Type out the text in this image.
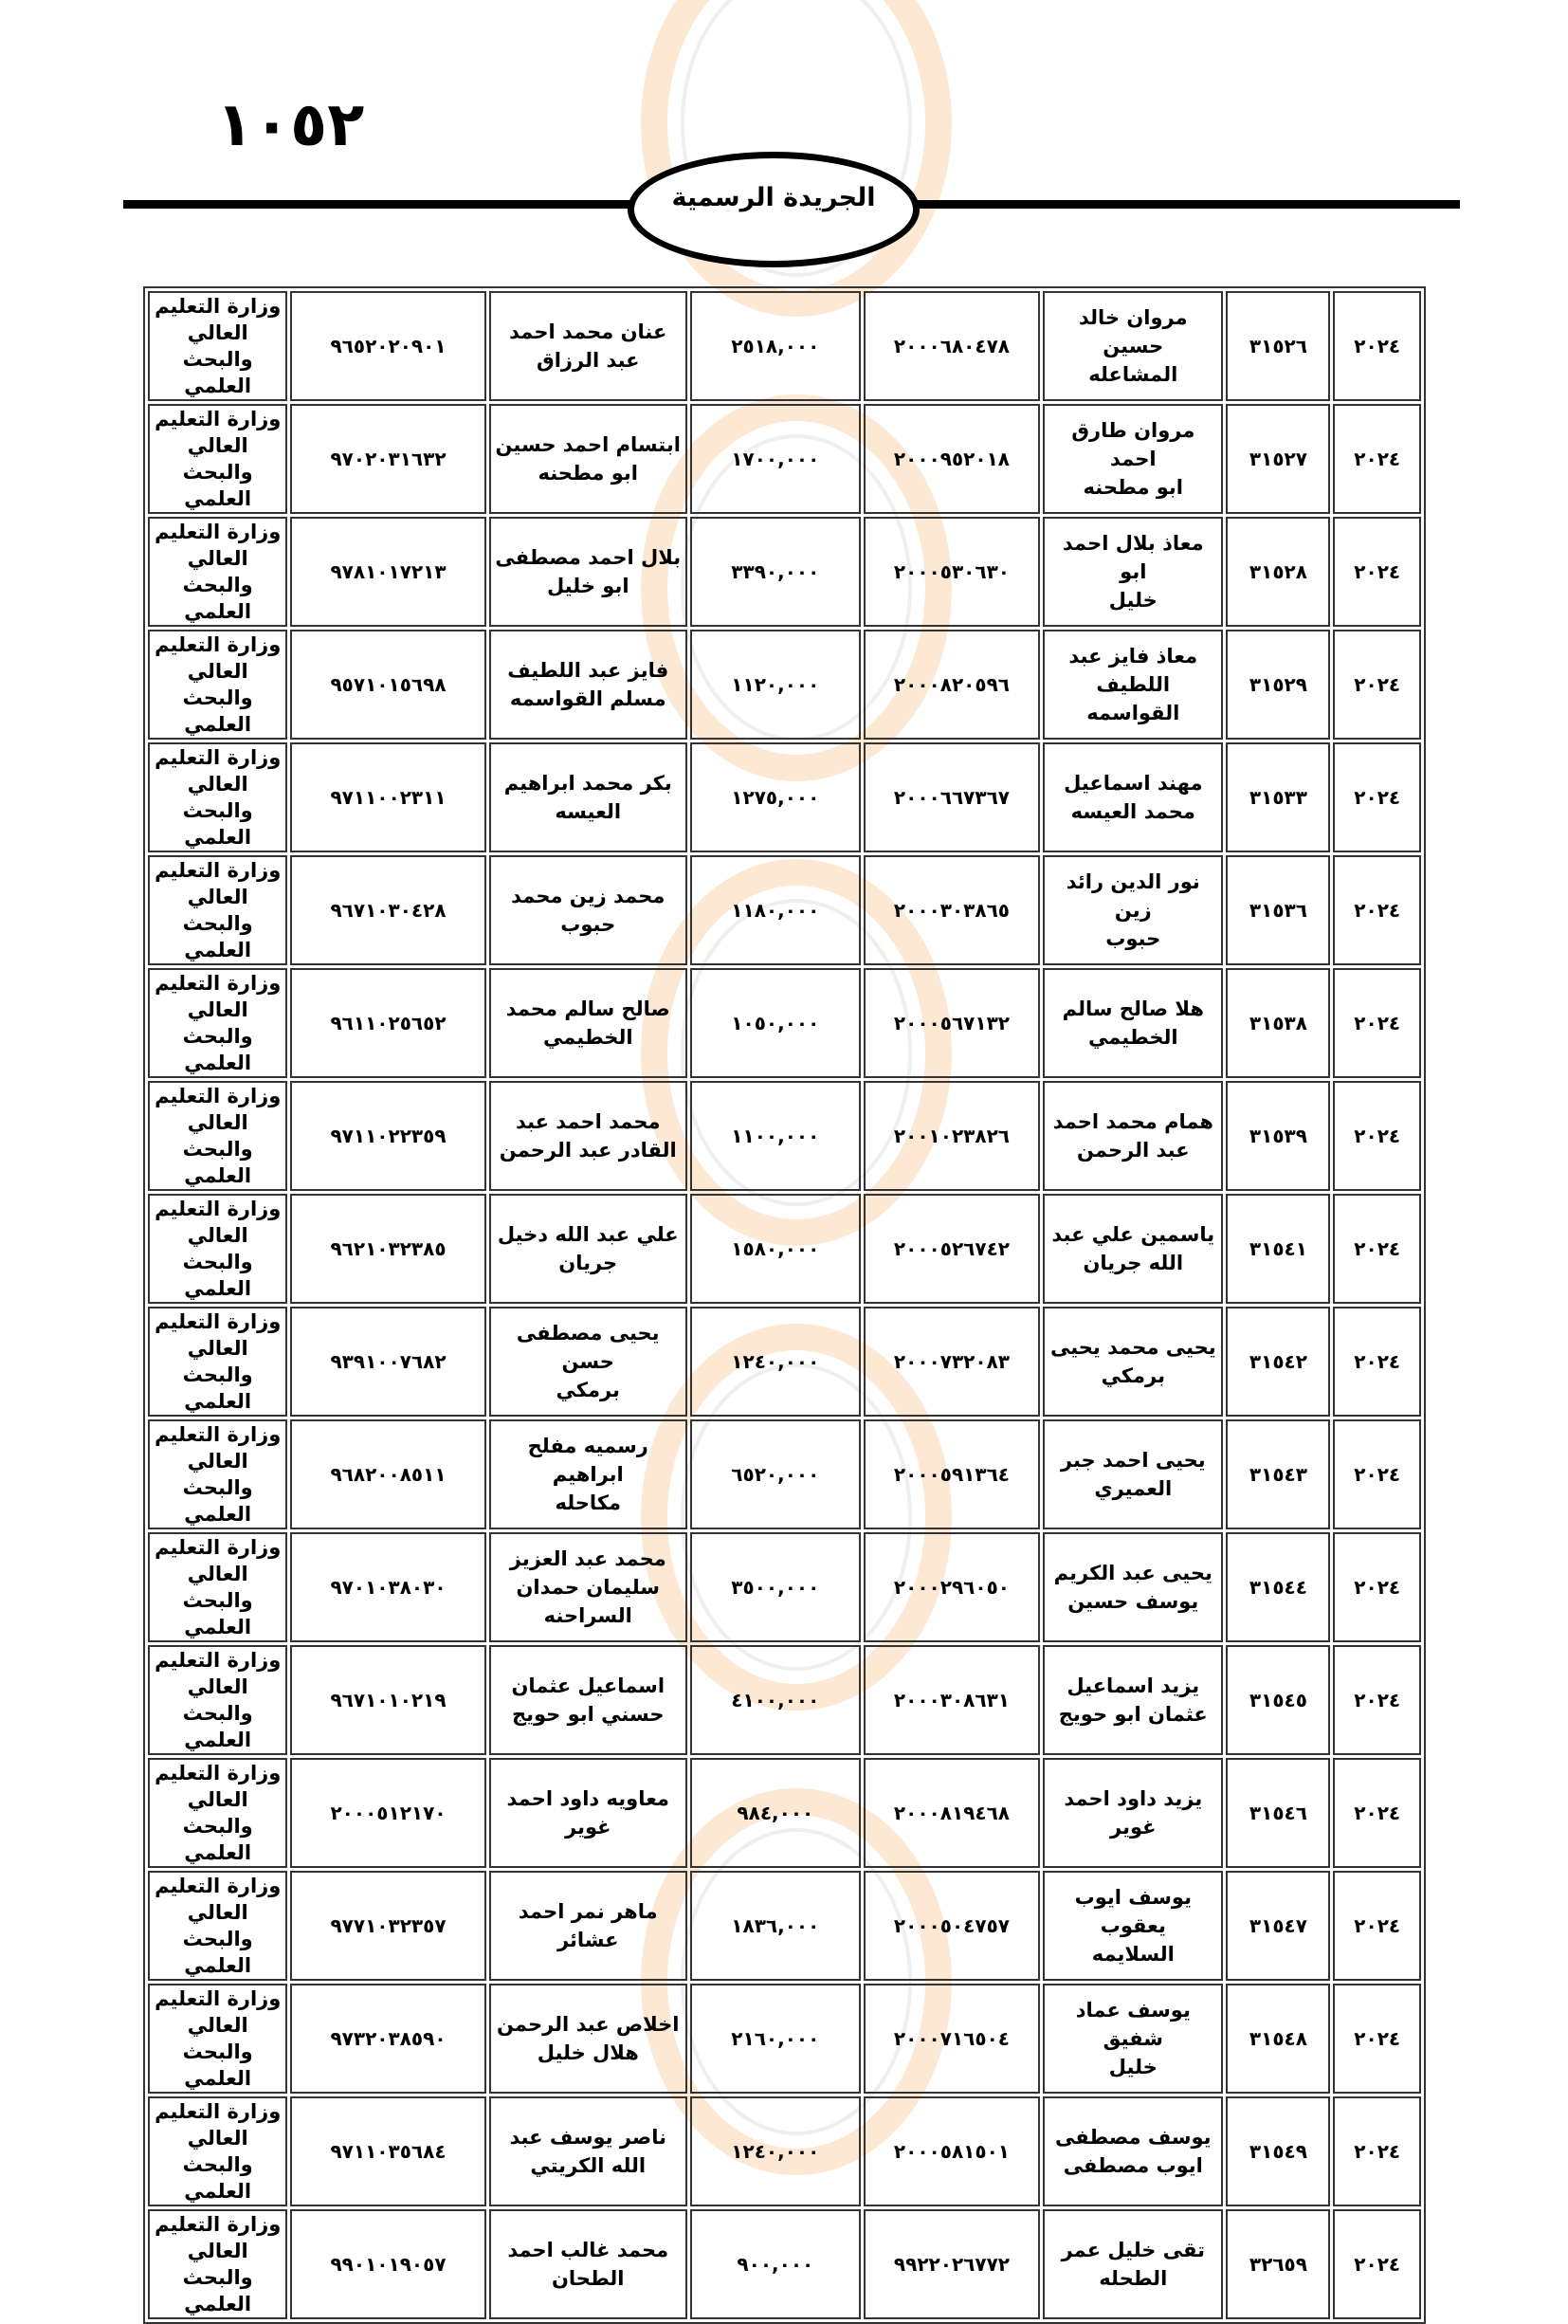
١٠٥٢
الجريدة الرسمية
٢٠٢٤	٣١٥٢٦	مروان خالد حسين
المشاعله	٢٠٠٠٦٨٠٤٧٨	٢٥١٨,٠٠٠	عنان محمد احمد
عبد الرزاق	٩٦٥٢٠٢٠٩٠١	وزارة التعليم
العالي والبحث
العلمي

٢٠٢٤	٣١٥٢٧	مروان طارق احمد
ابو مطحنه	٢٠٠٠٩٥٢٠١٨	١٧٠٠,٠٠٠	ابتسام احمد حسين
ابو مطحنه	٩٧٠٢٠٣١٦٣٢	وزارة التعليم
العالي والبحث
العلمي

٢٠٢٤	٣١٥٢٨	معاذ بلال احمد ابو
خليل	٢٠٠٠٥٣٠٦٣٠	٣٣٩٠,٠٠٠	بلال احمد مصطفى
ابو خليل	٩٧٨١٠١٧٢١٣	وزارة التعليم
العالي والبحث
العلمي

٢٠٢٤	٣١٥٢٩	معاذ فايز عبد
اللطيف القواسمه	٢٠٠٠٨٢٠٥٩٦	١١٢٠,٠٠٠	فايز عبد اللطيف
مسلم القواسمه	٩٥٧١٠١٥٦٩٨	وزارة التعليم
العالي والبحث
العلمي

٢٠٢٤	٣١٥٣٣	مهند اسماعيل
محمد العيسه	٢٠٠٠٦٦٧٣٦٧	١٢٧٥,٠٠٠	بكر محمد ابراهيم
العيسه	٩٧١١٠٠٢٣١١	وزارة التعليم
العالي والبحث
العلمي

٢٠٢٤	٣١٥٣٦	نور الدين رائد زين
حبوب	٢٠٠٠٣٠٣٨٦٥	١١٨٠,٠٠٠	محمد زين محمد
حبوب	٩٦٧١٠٣٠٤٢٨	وزارة التعليم
العالي والبحث
العلمي

٢٠٢٤	٣١٥٣٨	هلا صالح سالم
الخطيمي	٢٠٠٠٥٦٧١٣٢	١٠٥٠,٠٠٠	صالح سالم محمد
الخطيمي	٩٦١١٠٢٥٦٥٢	وزارة التعليم
العالي والبحث
العلمي

٢٠٢٤	٣١٥٣٩	همام محمد احمد
عبد الرحمن	٢٠٠١٠٢٣٨٢٦	١١٠٠,٠٠٠	محمد احمد عبد
القادر عبد الرحمن	٩٧١١٠٢٢٣٥٩	وزارة التعليم
العالي والبحث
العلمي

٢٠٢٤	٣١٥٤١	ياسمين علي عبد
الله جريان	٢٠٠٠٥٢٦٧٤٢	١٥٨٠,٠٠٠	علي عبد الله دخيل
جريان	٩٦٢١٠٣٢٣٨٥	وزارة التعليم
العالي والبحث
العلمي

٢٠٢٤	٣١٥٤٢	يحيى محمد يحيى
برمكي	٢٠٠٠٧٣٢٠٨٣	١٢٤٠,٠٠٠	يحيى مصطفى حسن
برمكي	٩٣٩١٠٠٧٦٨٢	وزارة التعليم
العالي والبحث
العلمي

٢٠٢٤	٣١٥٤٣	يحيى احمد جبر
العميري	٢٠٠٠٥٩١٣٦٤	٦٥٢٠,٠٠٠	رسميه مفلح ابراهيم
مكاحله	٩٦٨٢٠٠٨٥١١	وزارة التعليم
العالي والبحث
العلمي

٢٠٢٤	٣١٥٤٤	يحيى عبد الكريم
يوسف حسين	٢٠٠٠٢٩٦٠٥٠	٣٥٠٠,٠٠٠	محمد عبد العزيز
سليمان حمدان
السراحنه	٩٧٠١٠٣٨٠٣٠	وزارة التعليم
العالي والبحث
العلمي

٢٠٢٤	٣١٥٤٥	يزيد اسماعيل
عثمان ابو حويج	٢٠٠٠٣٠٨٦٣١	٤١٠٠,٠٠٠	اسماعيل عثمان
حسني ابو حويج	٩٦٧١٠١٠٢١٩	وزارة التعليم
العالي والبحث
العلمي

٢٠٢٤	٣١٥٤٦	يزيد داود احمد
غوير	٢٠٠٠٨١٩٤٦٨	٩٨٤,٠٠٠	معاويه داود احمد
غوير	٢٠٠٠٥١٢١٧٠	وزارة التعليم
العالي والبحث
العلمي

٢٠٢٤	٣١٥٤٧	يوسف ايوب يعقوب
السلايمه	٢٠٠٠٥٠٤٧٥٧	١٨٣٦,٠٠٠	ماهر نمر احمد
عشائر	٩٧٧١٠٣٢٣٥٧	وزارة التعليم
العالي والبحث
العلمي

٢٠٢٤	٣١٥٤٨	يوسف عماد شفيق
خليل	٢٠٠٠٧١٦٥٠٤	٢١٦٠,٠٠٠	اخلاص عبد الرحمن
هلال خليل	٩٧٣٢٠٣٨٥٩٠	وزارة التعليم
العالي والبحث
العلمي

٢٠٢٤	٣١٥٤٩	يوسف مصطفى
ايوب مصطفى	٢٠٠٠٥٨١٥٠١	١٢٤٠,٠٠٠	ناصر يوسف عبد
الله الكريتي	٩٧١١٠٣٥٦٨٤	وزارة التعليم
العالي والبحث
العلمي

٢٠٢٤	٣٢٦٥٩	تقى خليل عمر
الطحله	٩٩٢٢٠٢٦٧٧٢	٩٠٠,٠٠٠	محمد غالب احمد
الطحان	٩٩٠١٠١٩٠٥٧	وزارة التعليم
العالي والبحث
العلمي
